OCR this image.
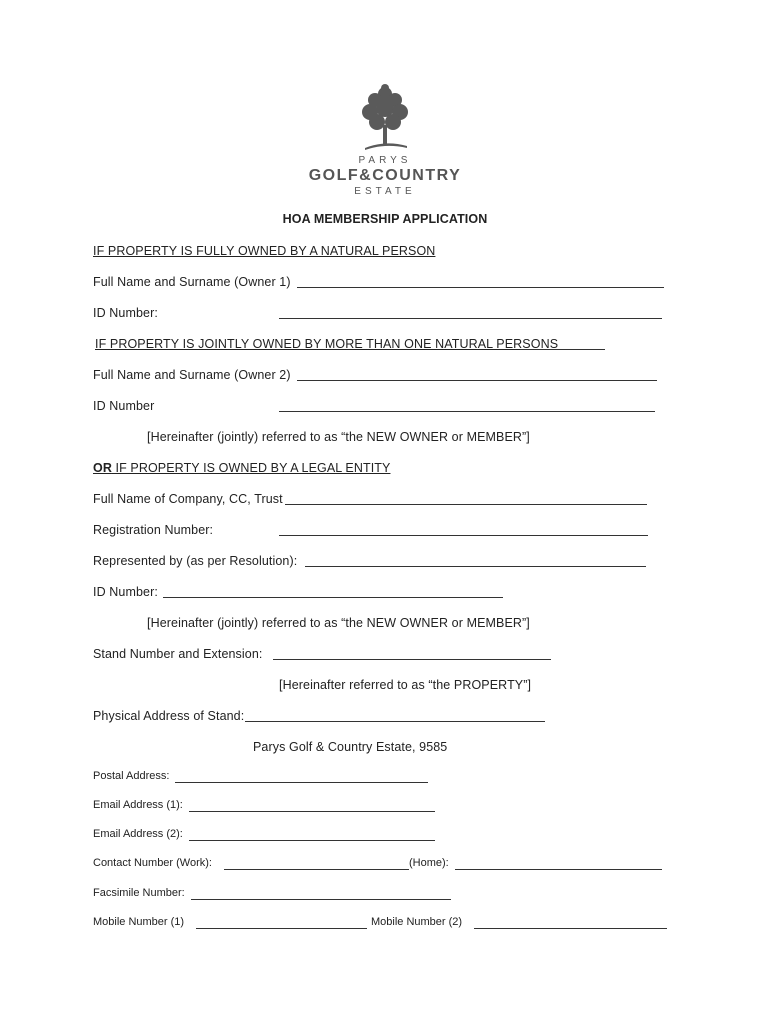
PARYS
GOLF&COUNTRY
ESTATE
HOA MEMBERSHIP APPLICATION
IF PROPERTY IS FULLY OWNED BY A NATURAL PERSON
Full Name and Surname (Owner 1)
ID Number:
IF PROPERTY IS JOINTLY OWNED BY MORE THAN ONE NATURAL PERSONS
Full Name and Surname (Owner 2)
ID Number
[Hereinafter (jointly) referred to as “the NEW OWNER or MEMBER”]
OR IF PROPERTY IS OWNED BY A LEGAL ENTITY
Full Name of Company, CC, Trust
Registration Number:
Represented by (as per Resolution):
ID Number:
[Hereinafter (jointly) referred to as “the NEW OWNER or MEMBER”]
Stand Number and Extension:
[Hereinafter referred to as “the PROPERTY”]
Physical Address of Stand:
Parys Golf & Country Estate, 9585
Postal Address:
Email Address (1):
Email Address (2):
Contact Number (Work):	(Home):
Facsimile Number:
Mobile Number (1)	Mobile Number (2)
